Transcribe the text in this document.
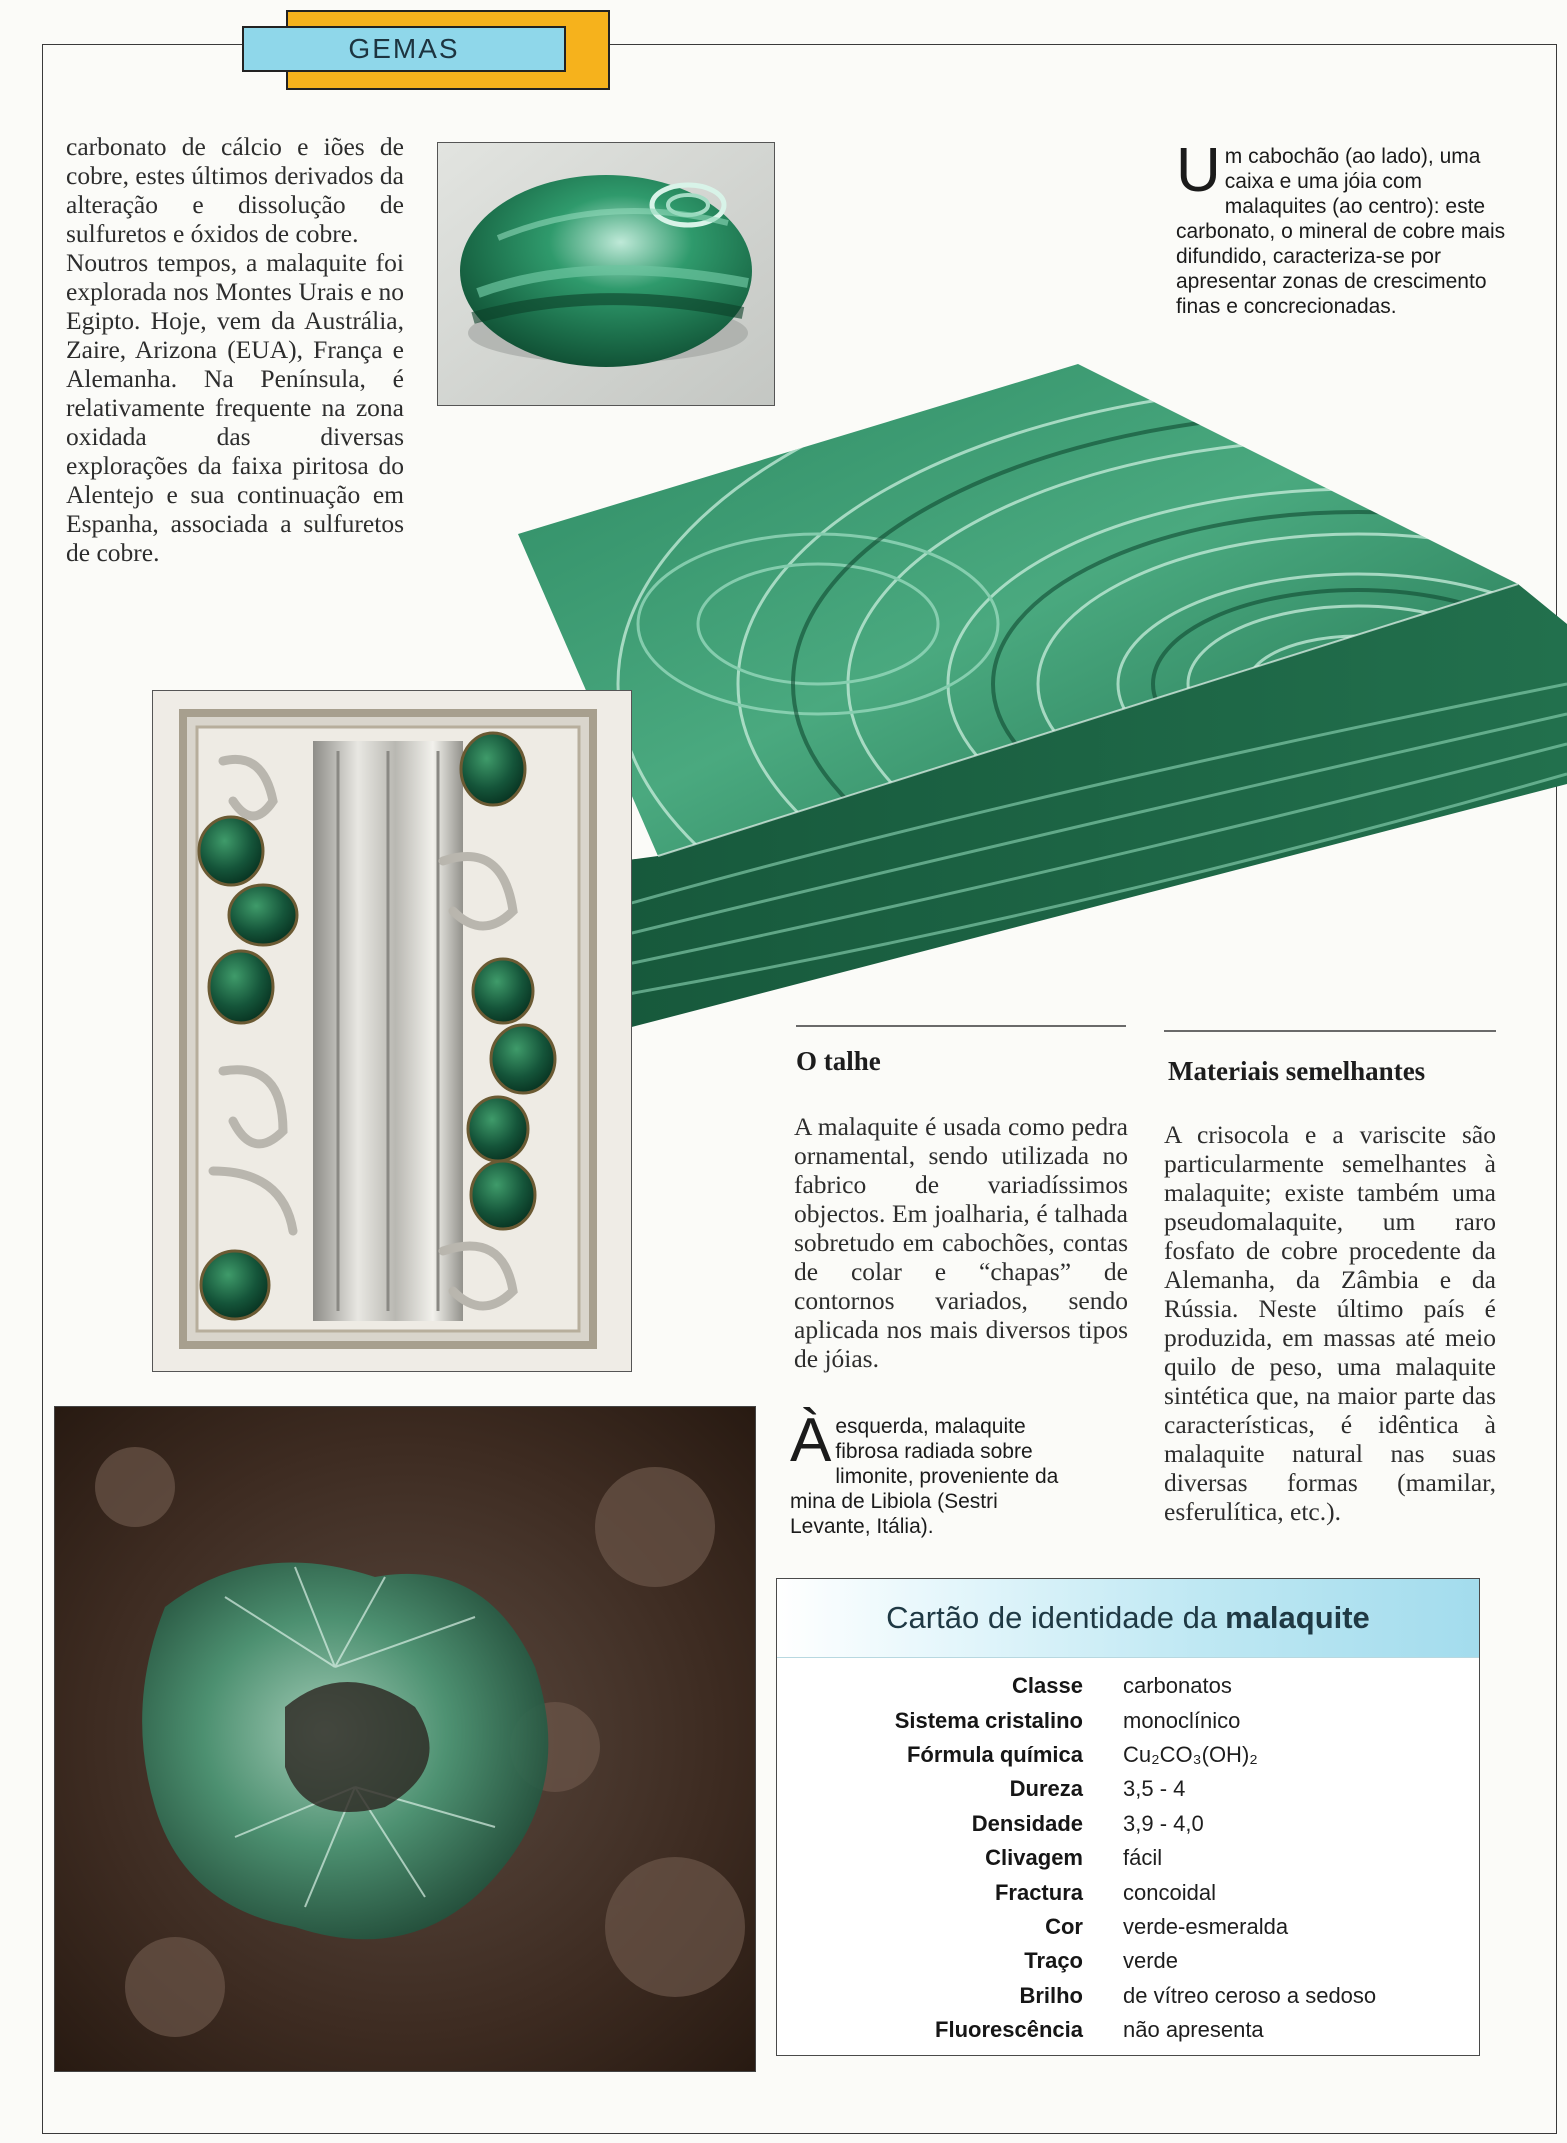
GEMAS

carbonato de cálcio e iões de cobre, estes últimos derivados da alteração e dissolução de sulfuretos e óxidos de cobre.

Noutros tempos, a malaquite foi explorada nos Montes Urais e no Egipto. Hoje, vem da Austrália, Zaire, Arizona (EUA), França e Alemanha. Na Península, é relativamente frequente na zona oxidada das diversas explorações da faixa piritosa do Alentejo e sua continuação em Espanha, associada a sulfuretos de cobre.

Um cabochão (ao lado), uma caixa e uma jóia com malaquites (ao centro): este carbonato, o mineral de cobre mais difundido, caracteriza-se por apresentar zonas de crescimento finas e concrecionadas.
O talhe
A malaquite é usada como pedra ornamental, sendo utilizada no fabrico de variadíssimos objectos. Em joalharia, é talhada sobretudo em cabochões, contas de colar e “chapas” de contornos variados, sendo aplicada nos mais diversos tipos de jóias.
Àesquerda, malaquite fibrosa radiada sobre limonite, proveniente da mina de Libiola (Sestri Levante, Itália).
Materiais semelhantes
A crisocola e a variscite são particularmente semelhantes à malaquite; existe também uma pseudomalaquite, um raro fosfato de cobre procedente da Alemanha, da Zâmbia e da Rússia. Neste último país é produzida, em massas até meio quilo de peso, uma malaquite sintética que, na maior parte das características, é idêntica à malaquite natural nas suas diversas formas (mamilar, esferulítica, etc.).
Cartão de identidade da malaquite
Classe carbonatos
Sistema cristalino monoclínico
Fórmula química Cu₂CO₃(OH)₂
Dureza 3,5 - 4
Densidade 3,9 - 4,0
Clivagem fácil
Fractura concoidal
Cor verde-esmeralda
Traço verde
Brilho de vítreo ceroso a sedoso
Fluorescência não apresenta
